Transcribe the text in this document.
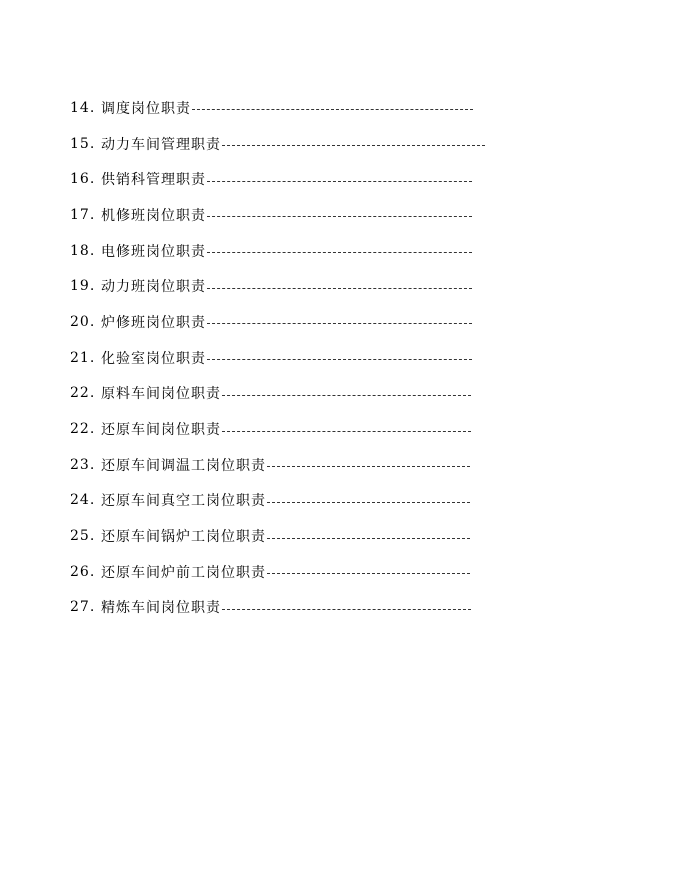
14. 调度岗位职责
15. 动力车间管理职责
16. 供销科管理职责
17. 机修班岗位职责
18. 电修班岗位职责
19. 动力班岗位职责
20. 炉修班岗位职责
21. 化验室岗位职责
22. 原料车间岗位职责
22. 还原车间岗位职责
23. 还原车间调温工岗位职责
24. 还原车间真空工岗位职责
25. 还原车间锅炉工岗位职责
26. 还原车间炉前工岗位职责
27. 精炼车间岗位职责
